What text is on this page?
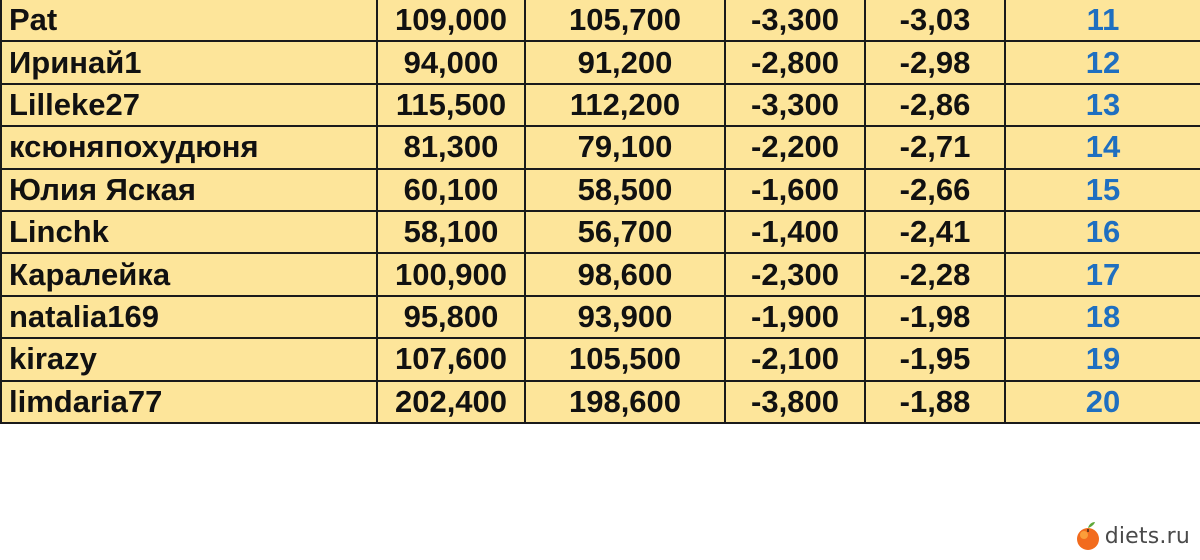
Pat	109,000	105,700	-3,300	-3,03	11
Иринай1	94,000	91,200	-2,800	-2,98	12
Lilleke27	115,500	112,200	-3,300	-2,86	13
ксюняпохудюня	81,300	79,100	-2,200	-2,71	14
Юлия Яская	60,100	58,500	-1,600	-2,66	15
Linchk	58,100	56,700	-1,400	-2,41	16
Каралейка	100,900	98,600	-2,300	-2,28	17
natalia169	95,800	93,900	-1,900	-1,98	18
kirazy	107,600	105,500	-2,100	-1,95	19
limdaria77	202,400	198,600	-3,800	-1,88	20
diets.ru
